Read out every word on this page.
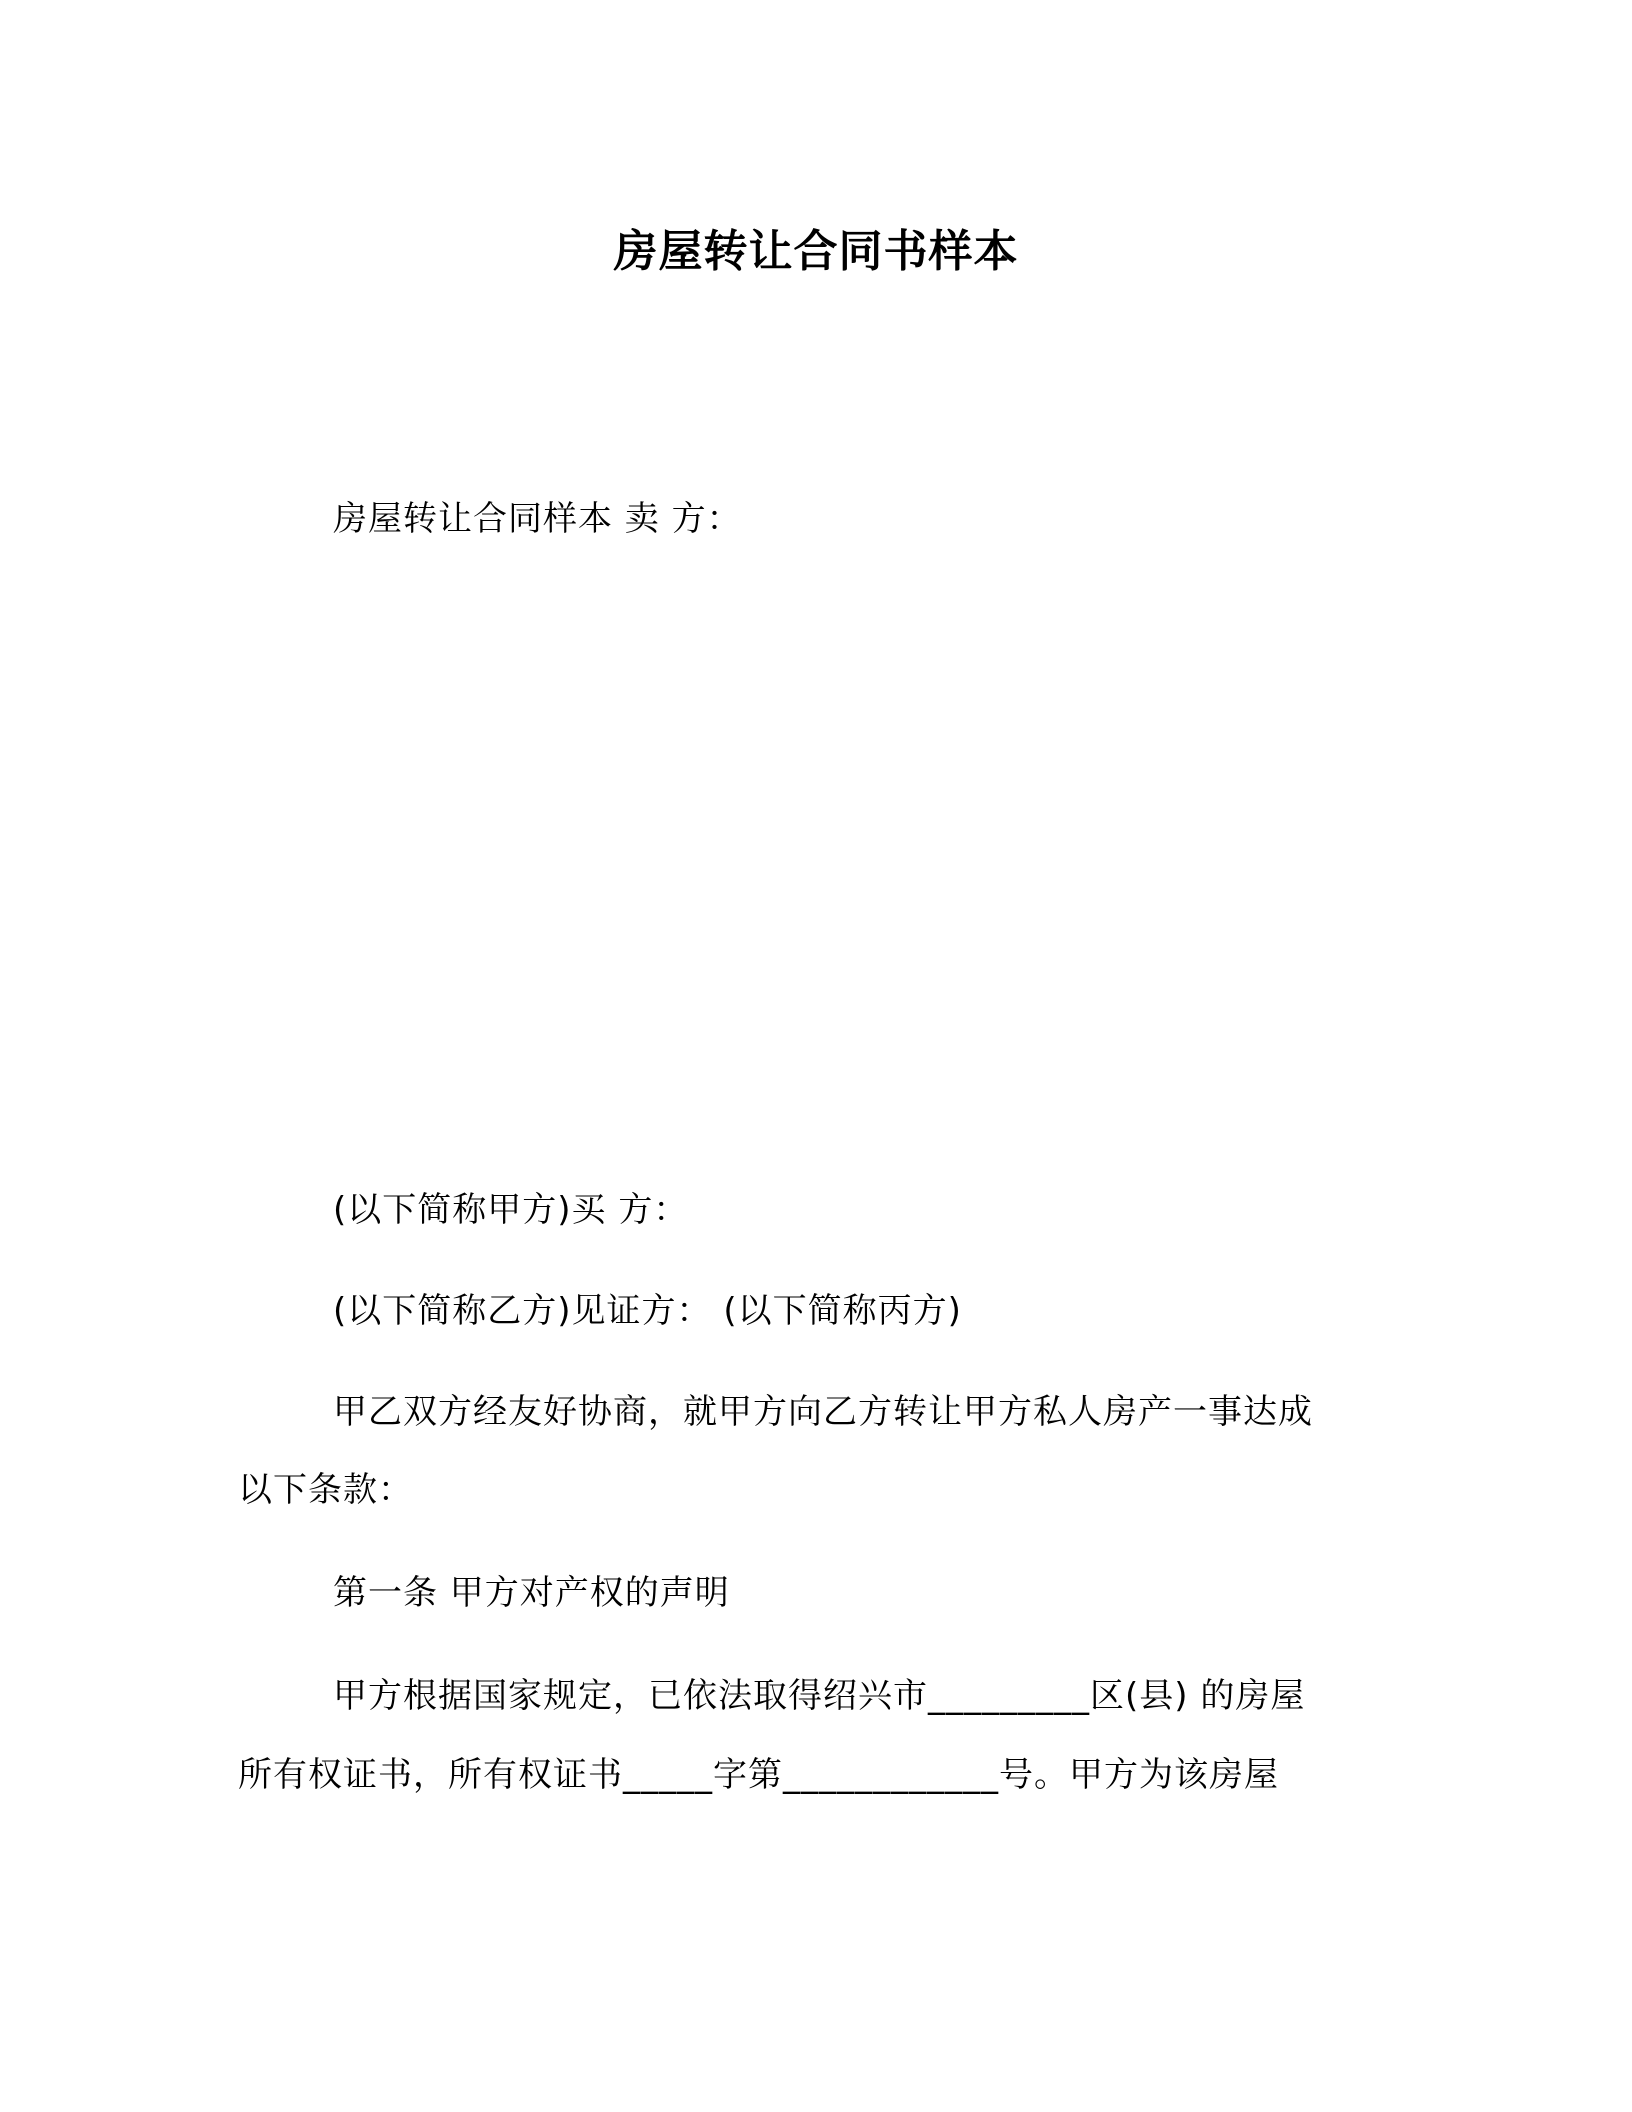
房屋转让合同书样本
房屋转让合同样本 卖 方：
(以下简称甲方)买 方：
(以下简称乙方)见证方： (以下简称丙方)
甲乙双方经友好协商，就甲方向乙方转让甲方私人房产一事达成
以下条款：
第一条 甲方对产权的声明
甲方根据国家规定，已依法取得绍兴市_________区(县) 的房屋
所有权证书，所有权证书_____字第____________号。甲方为该房屋
